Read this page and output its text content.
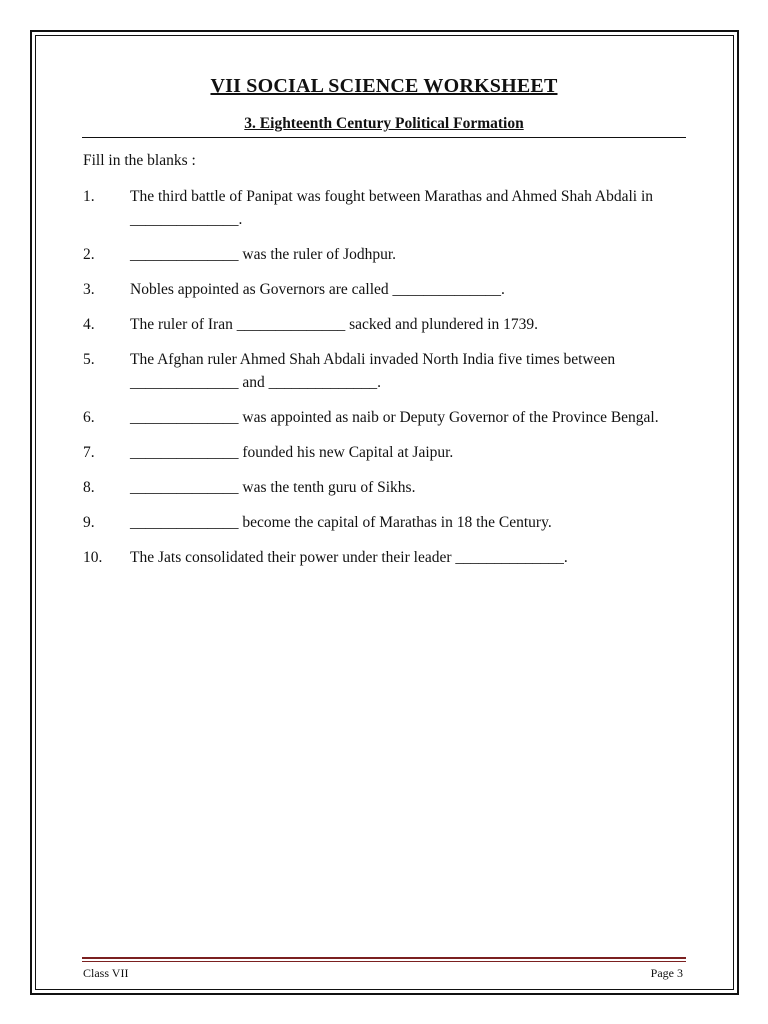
VII SOCIAL SCIENCE WORKSHEET
3. Eighteenth Century Political Formation
Fill in the blanks :
1.	The third battle of Panipat was fought between Marathas and Ahmed Shah Abdali in ______________.
2.	______________ was the ruler of Jodhpur.
3.	Nobles appointed as Governors are called ______________.
4.	The ruler of Iran ______________ sacked and plundered in 1739.
5.	The Afghan ruler Ahmed Shah Abdali invaded North India five times between ______________ and ______________.
6.	______________ was appointed as naib or Deputy Governor of the Province Bengal.
7.	______________ founded his new Capital at Jaipur.
8.	______________ was the tenth guru of Sikhs.
9.	______________ become the capital of Marathas in 18 the Century.
10.	The Jats consolidated their power under their leader ______________.
Class VII	Page 3
